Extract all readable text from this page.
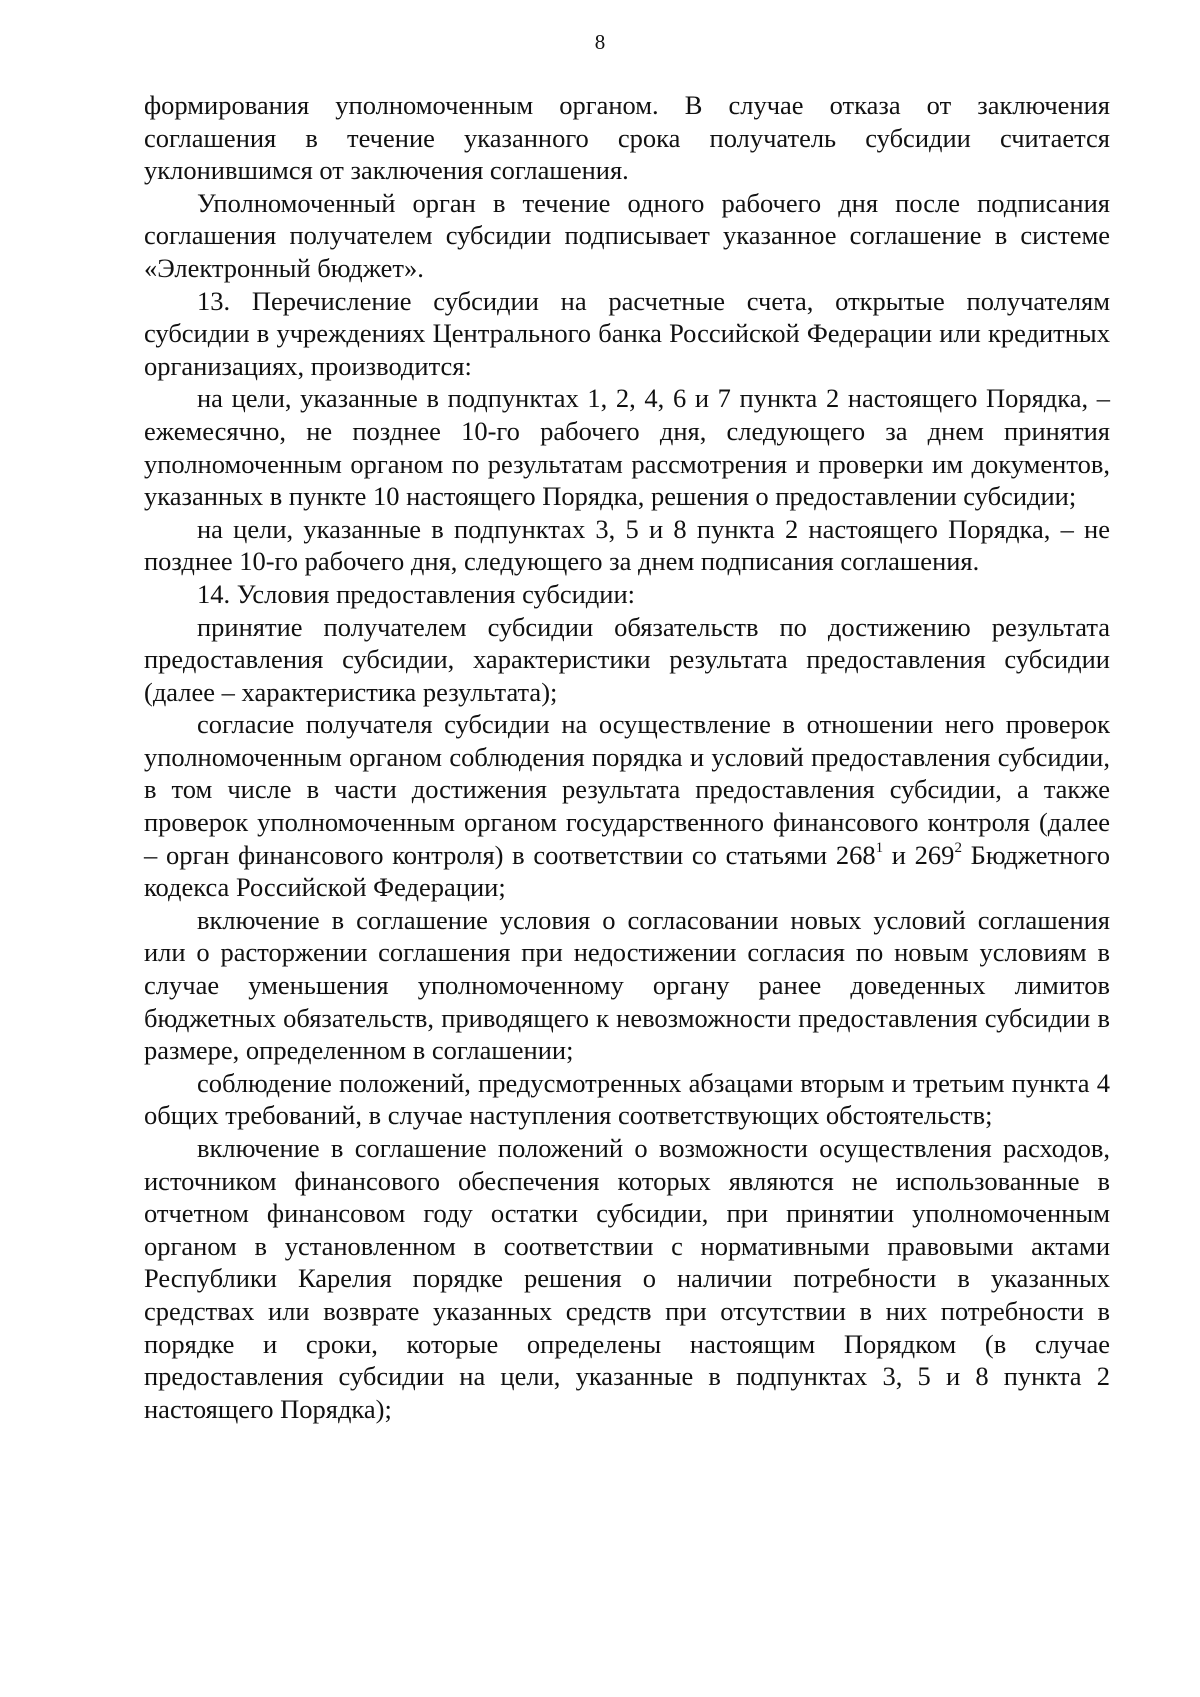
8

формирования уполномоченным органом. В случае отказа от заключения соглашения в течение указанного срока получатель субсидии считается уклонившимся от заключения соглашения.

Уполномоченный орган в течение одного рабочего дня после подписания соглашения получателем субсидии подписывает указанное соглашение в системе «Электронный бюджет».

13. Перечисление субсидии на расчетные счета, открытые получателям субсидии в учреждениях Центрального банка Российской Федерации или кредитных организациях, производится:

на цели, указанные в подпунктах 1, 2, 4, 6 и 7 пункта 2 настоящего Порядка, – ежемесячно, не позднее 10-го рабочего дня, следующего за днем принятия уполномоченным органом по результатам рассмотрения и проверки им документов, указанных в пункте 10 настоящего Порядка, решения о предоставлении субсидии;

на цели, указанные в подпунктах 3, 5 и 8 пункта 2 настоящего Порядка, – не позднее 10-го рабочего дня, следующего за днем подписания соглашения.

14. Условия предоставления субсидии:

принятие получателем субсидии обязательств по достижению результата предоставления субсидии, характеристики результата предоставления субсидии (далее – характеристика результата);

согласие получателя субсидии на осуществление в отношении него проверок уполномоченным органом соблюдения порядка и условий предоставления субсидии, в том числе в части достижения результата предоставления субсидии, а также проверок уполномоченным органом государственного финансового контроля (далее – орган финансового контроля) в соответствии со статьями $268^1$ и $269^2$ Бюджетного кодекса Российской Федерации;

включение в соглашение условия о согласовании новых условий соглашения или о расторжении соглашения при недостижении согласия по новым условиям в случае уменьшения уполномоченному органу ранее доведенных лимитов бюджетных обязательств, приводящего к невозможности предоставления субсидии в размере, определенном в соглашении;

соблюдение положений, предусмотренных абзацами вторым и третьим пункта 4 общих требований, в случае наступления соответствующих обстоятельств;

включение в соглашение положений о возможности осуществления расходов, источником финансового обеспечения которых являются не использованные в отчетном финансовом году остатки субсидии, при принятии уполномоченным органом в установленном в соответствии с нормативными правовыми актами Республики Карелия порядке решения о наличии потребности в указанных средствах или возврате указанных средств при отсутствии в них потребности в порядке и сроки, которые определены настоящим Порядком (в случае предоставления субсидии на цели, указанные в подпунктах 3, 5 и 8 пункта 2 настоящего Порядка);
